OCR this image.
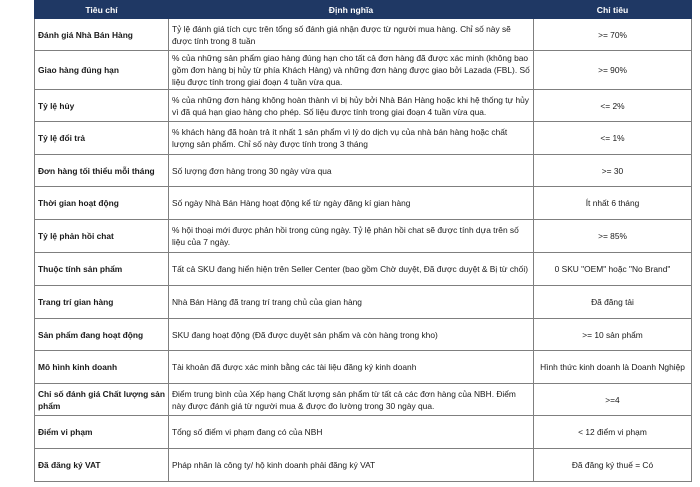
Tiêu chí	Định nghĩa	Chỉ tiêu
Đánh giá Nhà Bán Hàng	Tỷ lệ đánh giá tích cực trên tổng số đánh giá nhận được từ người mua hàng. Chỉ số này sẽ được tính trong 8 tuần	>= 70%
Giao hàng đúng hạn	% của những sản phẩm giao hàng đúng hạn cho tất cả đơn hàng đã được xác minh (không bao gồm đơn hàng bị hủy từ phía Khách Hàng) và những đơn hàng được giao bởi Lazada (FBL). Số liệu được tính trong giai đoạn 4 tuần vừa qua.	>= 90%
Tỷ lệ hủy	% của những đơn hàng không hoàn thành vì bị hủy bởi Nhà Bán Hàng hoặc khi hệ thống tự hủy vì đã quá hạn giao hàng cho phép. Số liệu được tính trong giai đoạn 4 tuần vừa qua.	<= 2%
Tỷ lệ đổi trả	% khách hàng đã hoàn trả ít nhất 1 sản phẩm vì lý do dịch vụ của nhà bán hàng hoặc chất lượng sản phẩm. Chỉ số này được tính trong 3 tháng	<= 1%
Đơn hàng tối thiểu mỗi tháng	Số lượng đơn hàng trong 30 ngày vừa qua	>= 30
Thời gian hoạt động	Số ngày Nhà Bán Hàng hoạt động kể từ ngày đăng kí gian hàng	Ít nhất 6 tháng
Tỷ lệ phản hồi chat	% hội thoại mới được phản hồi trong cùng ngày. Tỷ lệ phản hồi chat sẽ được tính dựa trên số liệu của 7 ngày.	>= 85%
Thuộc tính sản phẩm	Tất cả SKU đang hiển hiện trên Seller Center (bao gồm Chờ duyệt, Đã được duyệt & Bị từ chối)	0 SKU "OEM" hoặc "No Brand"
Trang trí gian hàng	Nhà Bán Hàng đã trang trí trang chủ của gian hàng	Đã đăng tải
Sản phẩm đang hoạt động	SKU đang hoạt động (Đã được duyệt sản phẩm và còn hàng trong kho)	>= 10 sản phẩm
Mô hình kinh doanh	Tài khoản đã được xác minh bằng các tài liệu đăng ký kinh doanh	Hình thức kinh doanh là Doanh Nghiệp
Chỉ số đánh giá Chất lượng sản phẩm	Điểm trung bình của Xếp hạng Chất lượng sản phẩm từ tất cả các đơn hàng của NBH. Điểm này được đánh giá từ người mua & được đo lường trong 30 ngày qua.	>=4
Điểm vi phạm	Tổng số điểm vi phạm đang có của NBH	< 12 điểm vi phạm
Đã đăng ký VAT	Pháp nhân là công ty/ hộ kinh doanh phải đăng ký VAT	Đã đăng ký thuế = Có
